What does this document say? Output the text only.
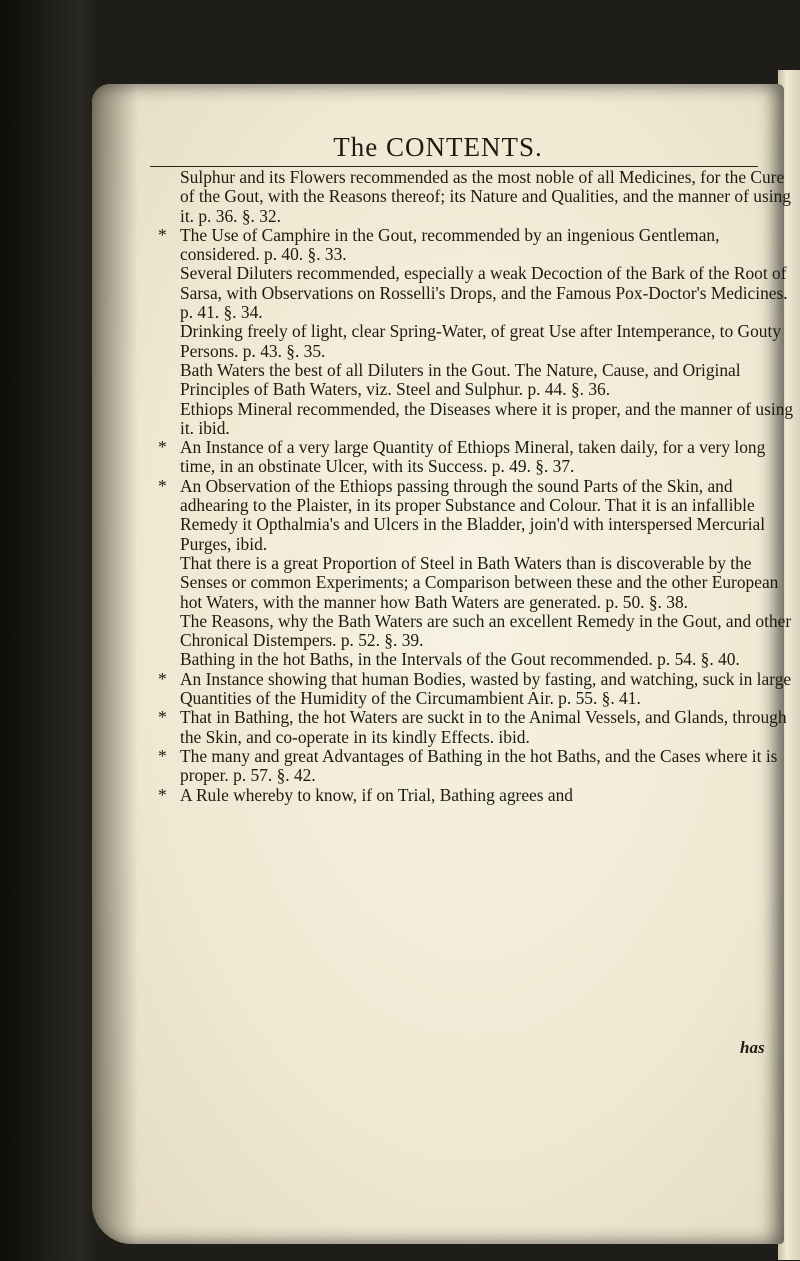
The CONTENTS.

Sulphur and its Flowers recommended as the most noble of all Medicines, for the Cure of the Gout, with the Reasons thereof; its Nature and Qualities, and the manner of using it. p. 36. §. 32.

* The Use of Camphire in the Gout, recommended by an ingenious Gentleman, considered. p. 40. §. 33.

Several Diluters recommended, especially a weak Decoction of the Bark of the Root of Sarsa, with Observations on Rosselli's Drops, and the Famous Pox-Doctor's Medicines. p. 41. §. 34.

Drinking freely of light, clear Spring-Water, of great Use after Intemperance, to Gouty Persons. p. 43. §. 35.

Bath Waters the best of all Diluters in the Gout. The Nature, Cause, and Original Principles of Bath Waters, viz. Steel and Sulphur. p. 44. §. 36.

Ethiops Mineral recommended, the Diseases where it is proper, and the manner of using it. ibid.

* An Instance of a very large Quantity of Ethiops Mineral, taken daily, for a very long time, in an obstinate Ulcer, with its Success. p. 49. §. 37.

* An Observation of the Ethiops passing through the sound Parts of the Skin, and adhearing to the Plaister, in its proper Substance and Colour. That it is an infallible Remedy it Opthalmia's and Ulcers in the Bladder, join'd with interspersed Mercurial Purges, ibid.

That there is a great Proportion of Steel in Bath Waters than is discoverable by the Senses or common Experiments; a Comparison between these and the other European hot Waters, with the manner how Bath Waters are generated. p. 50. §. 38.

The Reasons, why the Bath Waters are such an excellent Remedy in the Gout, and other Chronical Distempers. p. 52. §. 39.

Bathing in the hot Baths, in the Intervals of the Gout recommended. p. 54. §. 40.

* An Instance showing that human Bodies, wasted by fasting, and watching, suck in large Quantities of the Humidity of the Circumambient Air. p. 55. §. 41.

* That in Bathing, the hot Waters are suckt in to the Animal Vessels, and Glands, through the Skin, and co-operate in its kindly Effects. ibid.

* The many and great Advantages of Bathing in the hot Baths, and the Cases where it is proper. p. 57. §. 42.

* A Rule whereby to know, if on Trial, Bathing agrees and

has
